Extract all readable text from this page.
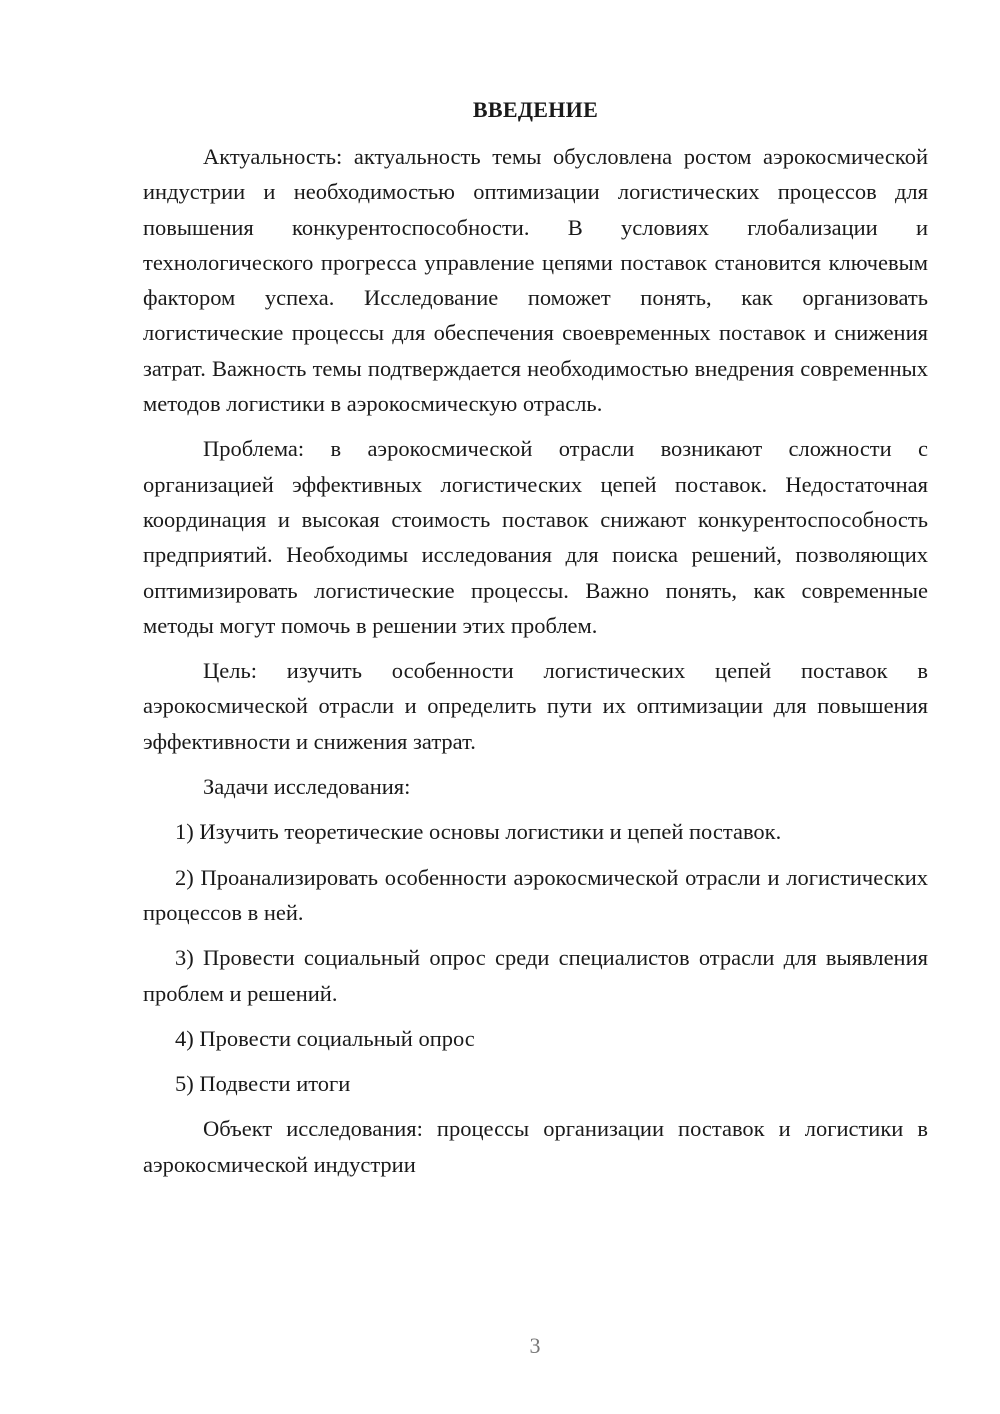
ВВЕДЕНИЕ

Актуальность: актуальность темы обусловлена ростом аэрокосмической индустрии и необходимостью оптимизации логистических процессов для повышения конкурентоспособности. В условиях глобализации и технологического прогресса управление цепями поставок становится ключевым фактором успеха. Исследование поможет понять, как организовать логистические процессы для обеспечения своевременных поставок и снижения затрат. Важность темы подтверждается необходимостью внедрения современных методов логистики в аэрокосмическую отрасль.

Проблема: в аэрокосмической отрасли возникают сложности с организацией эффективных логистических цепей поставок. Недостаточная координация и высокая стоимость поставок снижают конкурентоспособность предприятий. Необходимы исследования для поиска решений, позволяющих оптимизировать логистические процессы. Важно понять, как современные методы могут помочь в решении этих проблем.

Цель: изучить особенности логистических цепей поставок в аэрокосмической отрасли и определить пути их оптимизации для повышения эффективности и снижения затрат.

Задачи исследования:

1) Изучить теоретические основы логистики и цепей поставок.

2) Проанализировать особенности аэрокосмической отрасли и логистических процессов в ней.

3) Провести социальный опрос среди специалистов отрасли для выявления проблем и решений.

4) Провести социальный опрос

5) Подвести итоги

Объект исследования: процессы организации поставок и логистики в аэрокосмической индустрии

3
